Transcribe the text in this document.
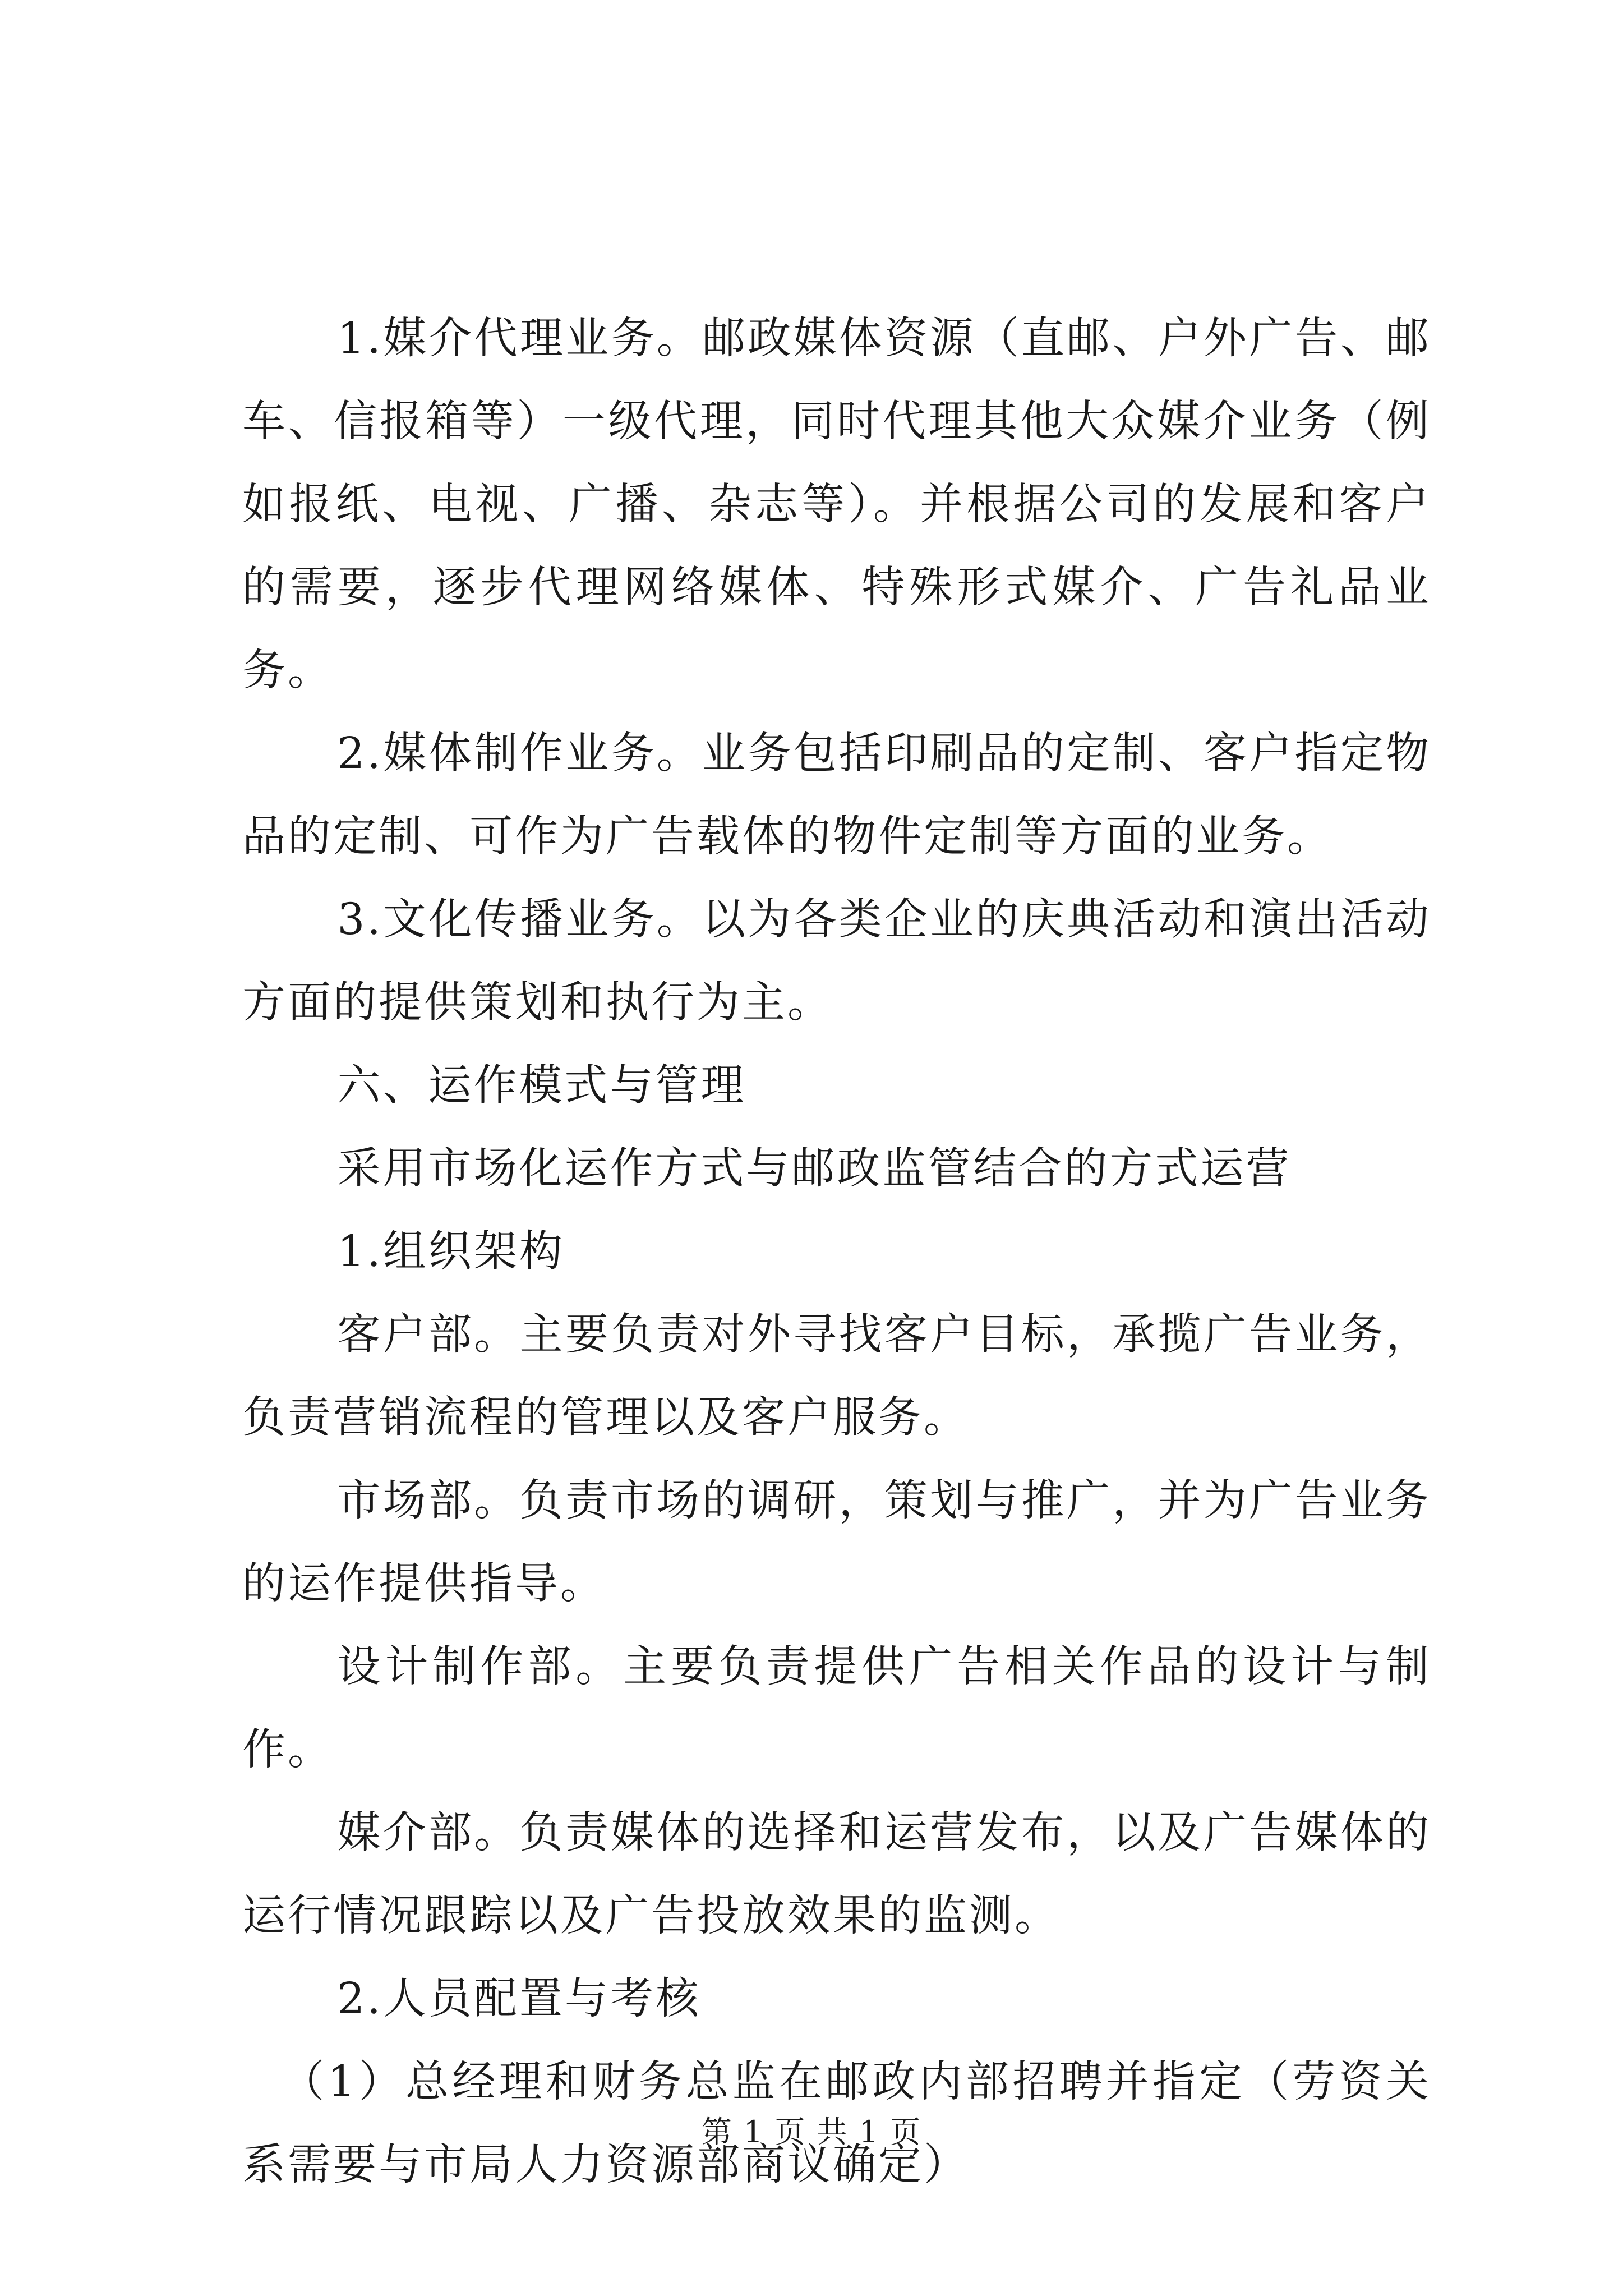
1.媒介代理业务。邮政媒体资源（直邮、户外广告、邮车、信报箱等）一级代理，同时代理其他大众媒介业务（例如报纸、电视、广播、杂志等）。并根据公司的发展和客户的需要，逐步代理网络媒体、特殊形式媒介、广告礼品业务。

2.媒体制作业务。业务包括印刷品的定制、客户指定物品的定制、可作为广告载体的物件定制等方面的业务。

3.文化传播业务。以为各类企业的庆典活动和演出活动方面的提供策划和执行为主。

六、运作模式与管理

采用市场化运作方式与邮政监管结合的方式运营

1.组织架构

客户部。主要负责对外寻找客户目标，承揽广告业务，负责营销流程的管理以及客户服务。

市场部。负责市场的调研，策划与推广，并为广告业务的运作提供指导。

设计制作部。主要负责提供广告相关作品的设计与制作。

媒介部。负责媒体的选择和运营发布，以及广告媒体的运行情况跟踪以及广告投放效果的监测。

2.人员配置与考核

（1）总经理和财务总监在邮政内部招聘并指定（劳资关系需要与市局人力资源部商议确定）

第 1 页 共 1 页
